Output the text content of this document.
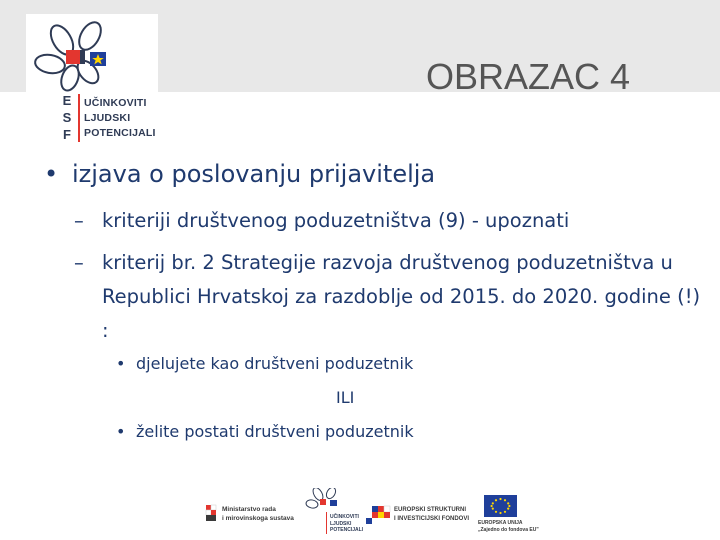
E
S
F
UČINKOVITI
LJUDSKI
POTENCIJALI
OBRAZAC 4
• izjava o poslovanju prijavitelja
– kriteriji društvenog poduzetništva (9) - upoznati
– kriterij br. 2 Strategije razvoja društvenog poduzetništva u Republici Hrvatskoj za razdoblje od 2015. do 2020. godine (!) :
• djelujete kao društveni poduzetnik
ILI
• želite postati društveni poduzetnik
Ministarstvo rada
i mirovinskoga sustava	UČINKOVITI
LJUDSKI
POTENCIJALI
EUROPSKI STRUKTURNI
I INVESTICIJSKI FONDOVI
EUROPSKA UNIJA
„Zajedno do fondova EU"
